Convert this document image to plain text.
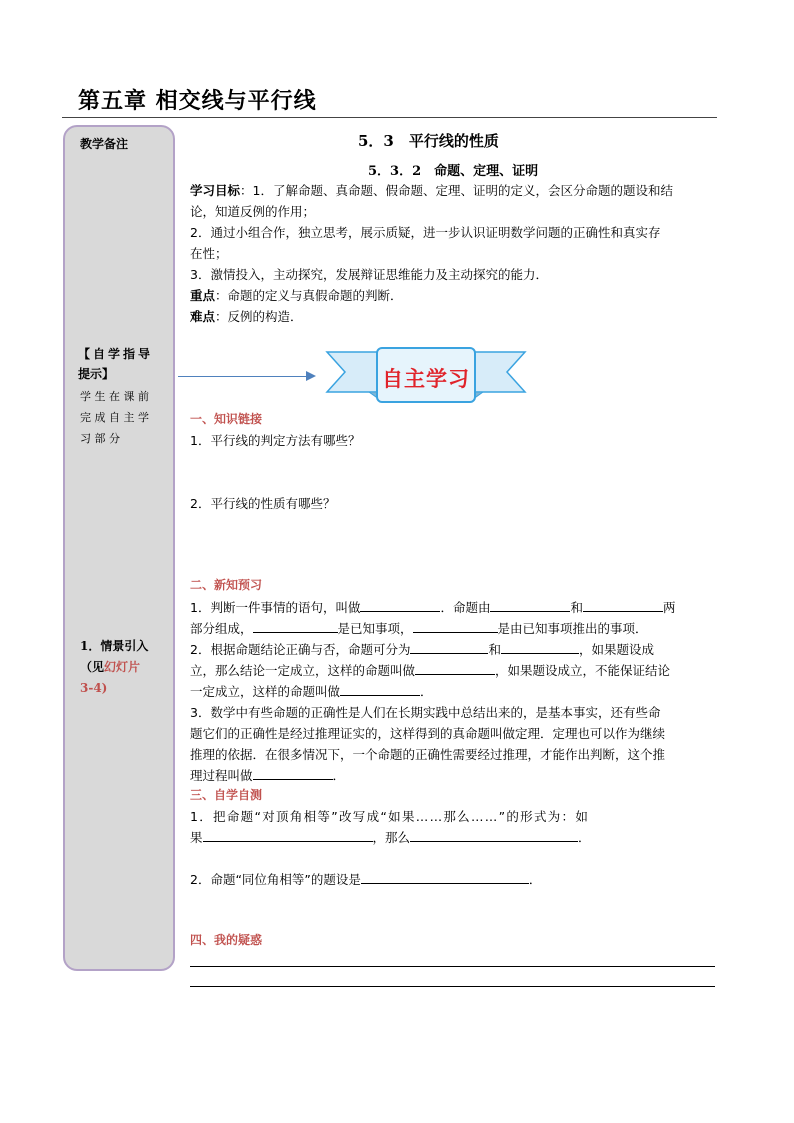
第五章 相交线与平行线
教学备注
【自学指导
提示】
学生在课前
完成自主学
习部分
1．情景引入
（见幻灯片
3-4)
5．3　平行线的性质
5．3．2　命题、定理、证明
学习目标：1．了解命题、真命题、假命题、定理、证明的定义，会区分命题的题设和结
论，知道反例的作用；
2．通过小组合作，独立思考，展示质疑，进一步认识证明数学问题的正确性和真实存
在性；
3．激情投入，主动探究，发展辩证思维能力及主动探究的能力．
重点：命题的定义与真假命题的判断．
难点：反例的构造．
自主学习
一、知识链接
1．平行线的判定方法有哪些？
2．平行线的性质有哪些？
二、新知预习
1．判断一件事情的语句，叫做	．命题由	和	两
部分组成，	是已知事项，	是由已知事项推出的事项．
2．根据命题结论正确与否，命题可分为	和	，如果题设成
立，那么结论一定成立，这样的命题叫做	，如果题设成立，不能保证结论
一定成立，这样的命题叫做	．
3．数学中有些命题的正确性是人们在长期实践中总结出来的，是基本事实，还有些命
题它们的正确性是经过推理证实的，这样得到的真命题叫做定理．定理也可以作为继续
推理的依据．在很多情况下，一个命题的正确性需要经过推理，才能作出判断，这个推
理过程叫做	．
三、自学自测
1．把命题“对顶角相等”改写成“如果……那么……”的形式为：如
果	，那么	．
2．命题“同位角相等”的题设是	．
四、我的疑惑
